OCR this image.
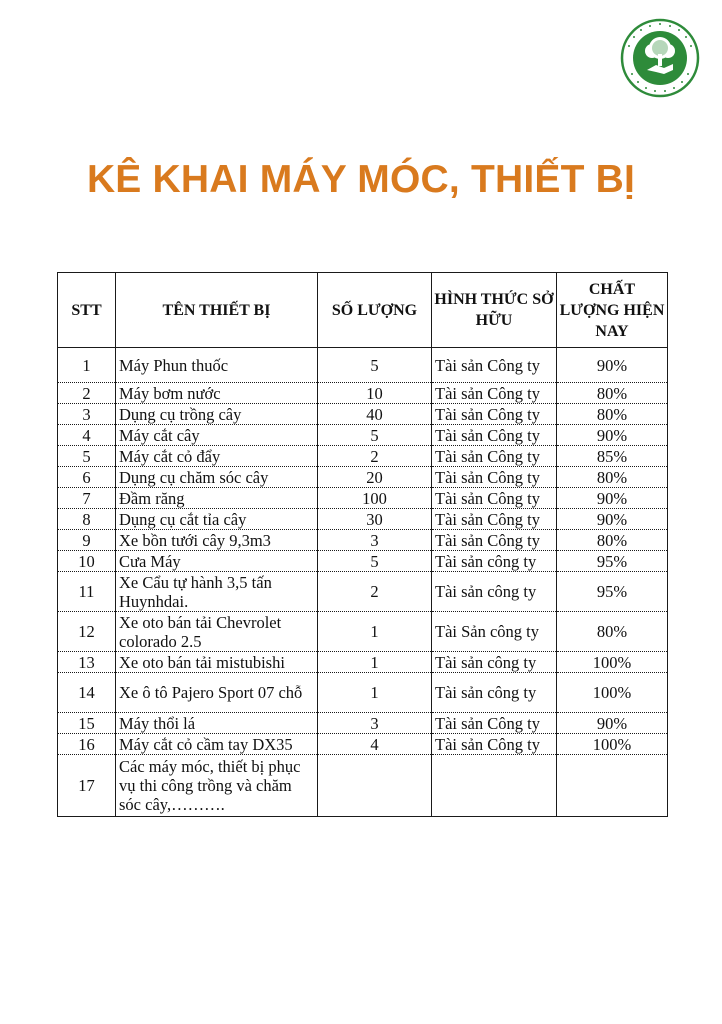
KÊ KHAI MÁY MÓC, THIẾT BỊ
STT	TÊN THIẾT BỊ	SỐ LƯỢNG	HÌNH THỨC SỞ HỮU	CHẤT LƯỢNG HIỆN NAY
1	Máy Phun thuốc	5	Tài sản Công ty	90%
2	Máy bơm nước	10	Tài sản Công ty	80%
3	Dụng cụ trồng cây	40	Tài sản Công ty	80%
4	Máy cắt cây	5	Tài sản Công ty	90%
5	Máy cắt cỏ đẩy	2	Tài sản Công ty	85%
6	Dụng cụ chăm sóc cây	20	Tài sản Công ty	80%
7	Đầm răng	100	Tài sản Công ty	90%
8	Dụng cụ cắt tỉa cây	30	Tài sản Công ty	90%
9	Xe bồn tưới cây 9,3m3	3	Tài sản Công ty	80%
10	Cưa Máy	5	Tài sản công ty	95%
11	Xe Cẩu tự hành 3,5 tấn Huynhdai.	2	Tài sản công ty	95%
12	Xe oto bán tải Chevrolet colorado 2.5	1	Tài Sản công ty	80%
13	Xe oto bán tải mistubishi	1	Tài sản công ty	100%
14	Xe ô tô Pajero Sport 07 chỗ	1	Tài sản công ty	100%
15	Máy thổi lá	3	Tài sản Công ty	90%
16	Máy cắt cỏ cầm tay DX35	4	Tài sản Công ty	100%
17	Các máy móc, thiết bị phục vụ thi công trồng và chăm sóc cây,……….			
